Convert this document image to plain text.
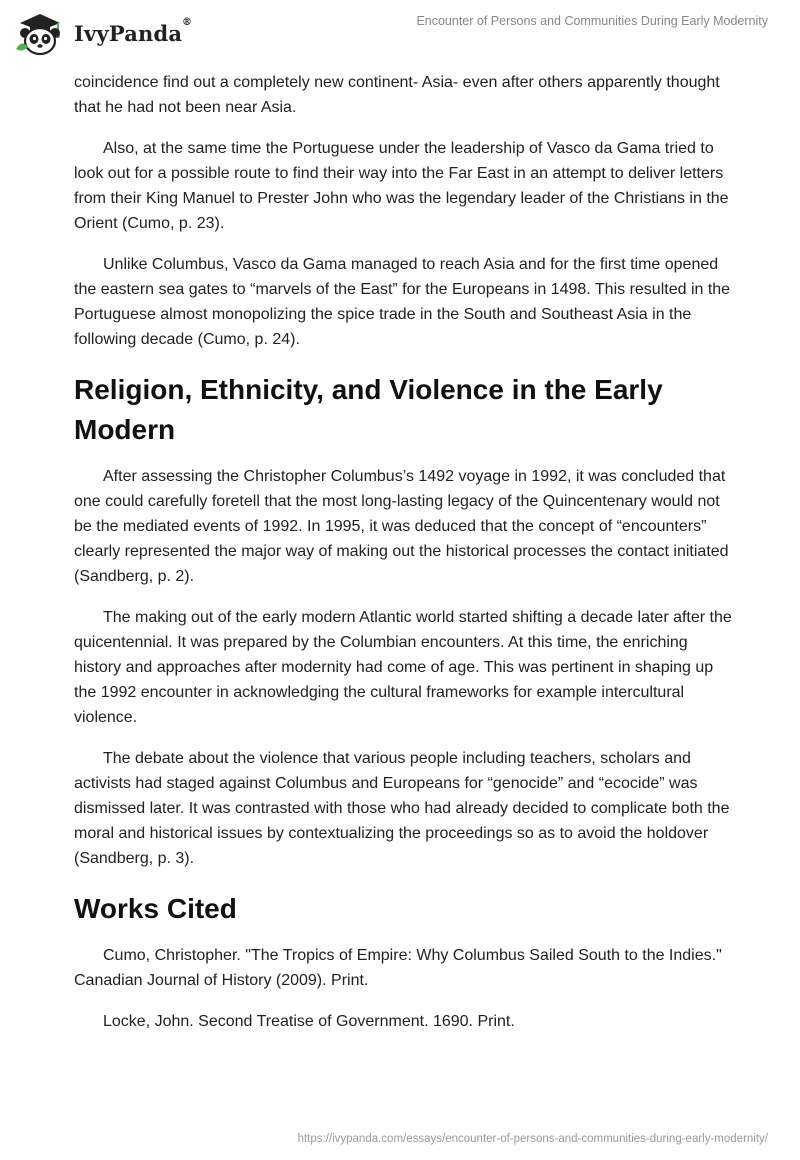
IvyPanda ®	Encounter of Persons and Communities During Early Modernity

coincidence find out a completely new continent- Asia- even after others apparently thought that he had not been near Asia.

Also, at the same time the Portuguese under the leadership of Vasco da Gama tried to look out for a possible route to find their way into the Far East in an attempt to deliver letters from their King Manuel to Prester John who was the legendary leader of the Christians in the Orient (Cumo, p. 23).

Unlike Columbus, Vasco da Gama managed to reach Asia and for the first time opened the eastern sea gates to “marvels of the East” for the Europeans in 1498. This resulted in the Portuguese almost monopolizing the spice trade in the South and Southeast Asia in the following decade (Cumo, p. 24).

Religion, Ethnicity, and Violence in the Early Modern

After assessing the Christopher Columbus’s 1492 voyage in 1992, it was concluded that one could carefully foretell that the most long-lasting legacy of the Quincentenary would not be the mediated events of 1992. In 1995, it was deduced that the concept of “encounters” clearly represented the major way of making out the historical processes the contact initiated (Sandberg, p. 2).

The making out of the early modern Atlantic world started shifting a decade later after the quicentennial. It was prepared by the Columbian encounters. At this time, the enriching history and approaches after modernity had come of age. This was pertinent in shaping up the 1992 encounter in acknowledging the cultural frameworks for example intercultural violence.

The debate about the violence that various people including teachers, scholars and activists had staged against Columbus and Europeans for “genocide” and “ecocide” was dismissed later. It was contrasted with those who had already decided to complicate both the moral and historical issues by contextualizing the proceedings so as to avoid the holdover (Sandberg, p. 3).

Works Cited

Cumo, Christopher. "The Tropics of Empire: Why Columbus Sailed South to the Indies." Canadian Journal of History (2009). Print.

Locke, John. Second Treatise of Government. 1690. Print.

https://ivypanda.com/essays/encounter-of-persons-and-communities-during-early-modernity/
